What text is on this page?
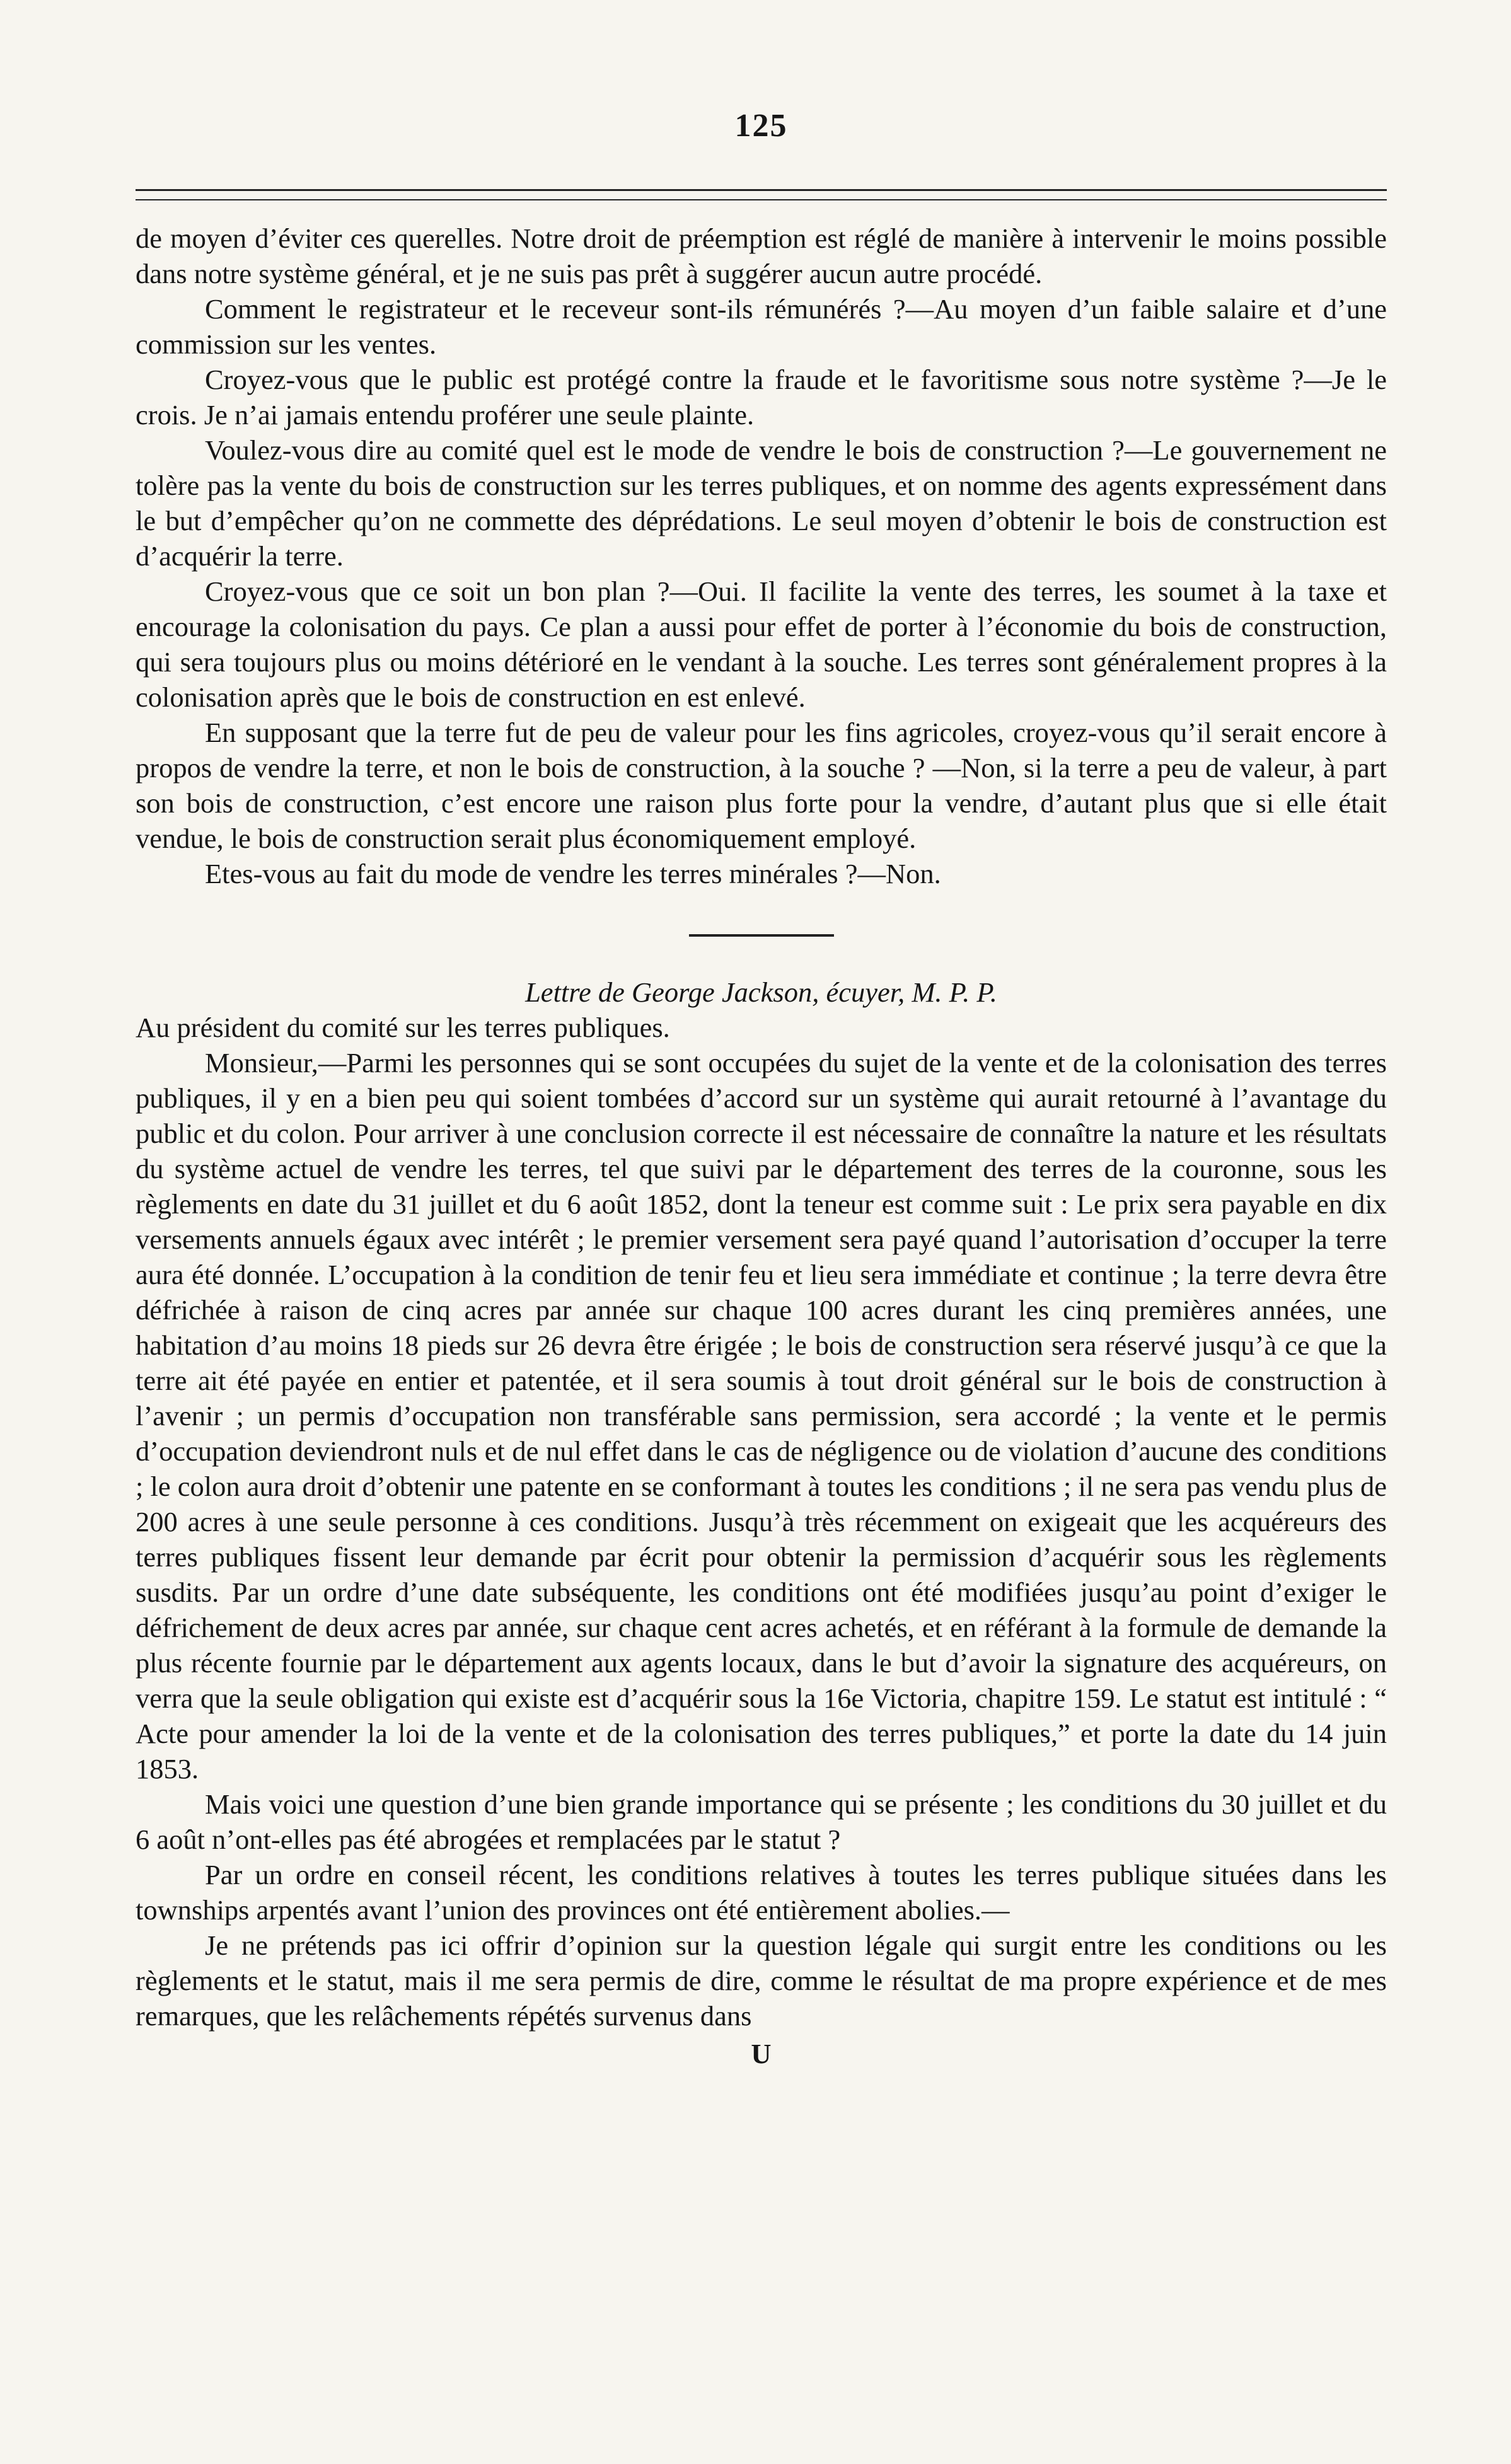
125

de moyen d’éviter ces querelles. Notre droit de préemption est réglé de manière à intervenir le moins possible dans notre système général, et je ne suis pas prêt à suggérer aucun autre procédé.

Comment le registrateur et le receveur sont-ils rémunérés ?—Au moyen d’un faible salaire et d’une commission sur les ventes.

Croyez-vous que le public est protégé contre la fraude et le favoritisme sous notre système ?—Je le crois. Je n’ai jamais entendu proférer une seule plainte.

Voulez-vous dire au comité quel est le mode de vendre le bois de construction ?—Le gouvernement ne tolère pas la vente du bois de construction sur les terres publiques, et on nomme des agents expressément dans le but d’empêcher qu’on ne commette des déprédations. Le seul moyen d’obtenir le bois de construction est d’acquérir la terre.

Croyez-vous que ce soit un bon plan ?—Oui. Il facilite la vente des terres, les soumet à la taxe et encourage la colonisation du pays. Ce plan a aussi pour effet de porter à l’économie du bois de construction, qui sera toujours plus ou moins détérioré en le vendant à la souche. Les terres sont généralement propres à la colonisation après que le bois de construction en est enlevé.

En supposant que la terre fut de peu de valeur pour les fins agricoles, croyez-vous qu’il serait encore à propos de vendre la terre, et non le bois de construction, à la souche ? —Non, si la terre a peu de valeur, à part son bois de construction, c’est encore une raison plus forte pour la vendre, d’autant plus que si elle était vendue, le bois de construction serait plus économiquement employé.

Etes-vous au fait du mode de vendre les terres minérales ?—Non.

Lettre de George Jackson, écuyer, M. P. P.

Au président du comité sur les terres publiques.

Monsieur,—Parmi les personnes qui se sont occupées du sujet de la vente et de la colonisation des terres publiques, il y en a bien peu qui soient tombées d’accord sur un système qui aurait retourné à l’avantage du public et du colon. Pour arriver à une conclusion correcte il est nécessaire de connaître la nature et les résultats du système actuel de vendre les terres, tel que suivi par le département des terres de la couronne, sous les règlements en date du 31 juillet et du 6 août 1852, dont la teneur est comme suit : Le prix sera payable en dix versements annuels égaux avec intérêt ; le premier versement sera payé quand l’autorisation d’occuper la terre aura été donnée. L’occupation à la condition de tenir feu et lieu sera immédiate et continue ; la terre devra être défrichée à raison de cinq acres par année sur chaque 100 acres durant les cinq premières années, une habitation d’au moins 18 pieds sur 26 devra être érigée ; le bois de construction sera réservé jusqu’à ce que la terre ait été payée en entier et patentée, et il sera soumis à tout droit général sur le bois de construction à l’avenir ; un permis d’occupation non transférable sans permission, sera accordé ; la vente et le permis d’occupation deviendront nuls et de nul effet dans le cas de négligence ou de violation d’aucune des conditions ; le colon aura droit d’obtenir une patente en se conformant à toutes les conditions ; il ne sera pas vendu plus de 200 acres à une seule personne à ces conditions. Jusqu’à très récemment on exigeait que les acquéreurs des terres publiques fissent leur demande par écrit pour obtenir la permission d’acquérir sous les règlements susdits. Par un ordre d’une date subséquente, les conditions ont été modifiées jusqu’au point d’exiger le défrichement de deux acres par année, sur chaque cent acres achetés, et en référant à la formule de demande la plus récente fournie par le département aux agents locaux, dans le but d’avoir la signature des acquéreurs, on verra que la seule obligation qui existe est d’acquérir sous la 16e Victoria, chapitre 159. Le statut est intitulé : “ Acte pour amender la loi de la vente et de la colonisation des terres publiques,” et porte la date du 14 juin 1853.

Mais voici une question d’une bien grande importance qui se présente ; les conditions du 30 juillet et du 6 août n’ont-elles pas été abrogées et remplacées par le statut ?

Par un ordre en conseil récent, les conditions relatives à toutes les terres publique situées dans les townships arpentés avant l’union des provinces ont été entièrement abolies.—

Je ne prétends pas ici offrir d’opinion sur la question légale qui surgit entre les conditions ou les règlements et le statut, mais il me sera permis de dire, comme le résultat de ma propre expérience et de mes remarques, que les relâchements répétés survenus dans

U
